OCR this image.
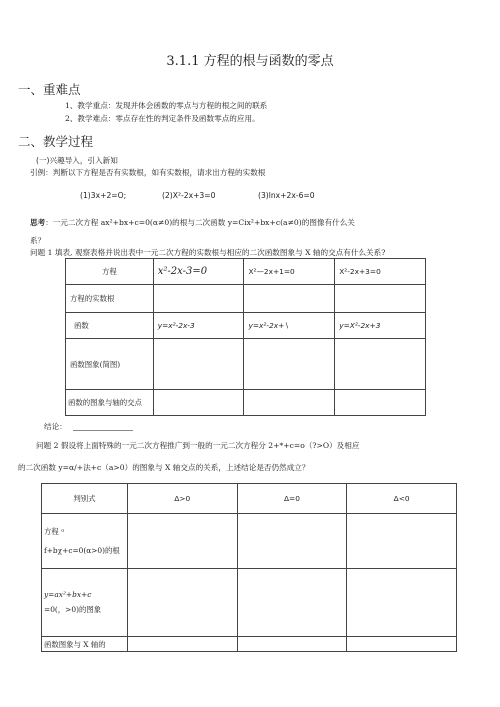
3.1.1 方程的根与函数的零点
一、重难点
1、教学重点：发现并体会函数的零点与方程的根之间的联系
2、教学难点：零点存在性的判定条件及函数零点的应用。
二、教学过程
(一)兴趣导入，引入新知
引例：判断以下方程是否有实数根，如有实数根，请求出方程的实数根
(1)3x+2=O;	(2)X²-2x+3=0	(3)lnx+2x-6=0
思考：一元二次方程 ax²+bx+c=0(α≠0)的根与二次函数 y=Cix²+bx+c(a≠0)的图像有什么关
系？
问题 1 填表, 观察表格并说出表中一元二次方程的实数根与相应的二次函数图象与 X 轴的交点有什么关系?
方程	x²-2x-3=0	X²—2x+1=0	X²-2x+3=0
方程的实数根			
函数	y=x²-2x-3	y=x²-2x+∖	y=X²-2x+3
函数图象(简图)			
函数的图象与轴的交点			
结论：
问题 2 假设将上面特殊的一元二次方程推广到一般的一元二次方程分 2+*+c=o（?>O）及相应
的二次函数 y=α/+法+c（a>0）的图象与 X 轴交点的关系，上述结论是否仍然成立？
判别式	Δ>0	Δ=0	Δ<0

方程 ᵅ
f+bχ+c=0(α>0)的根			

y=ax²+bx+c
=0(，>0)的图象			

函数图象与 X 轴的			
